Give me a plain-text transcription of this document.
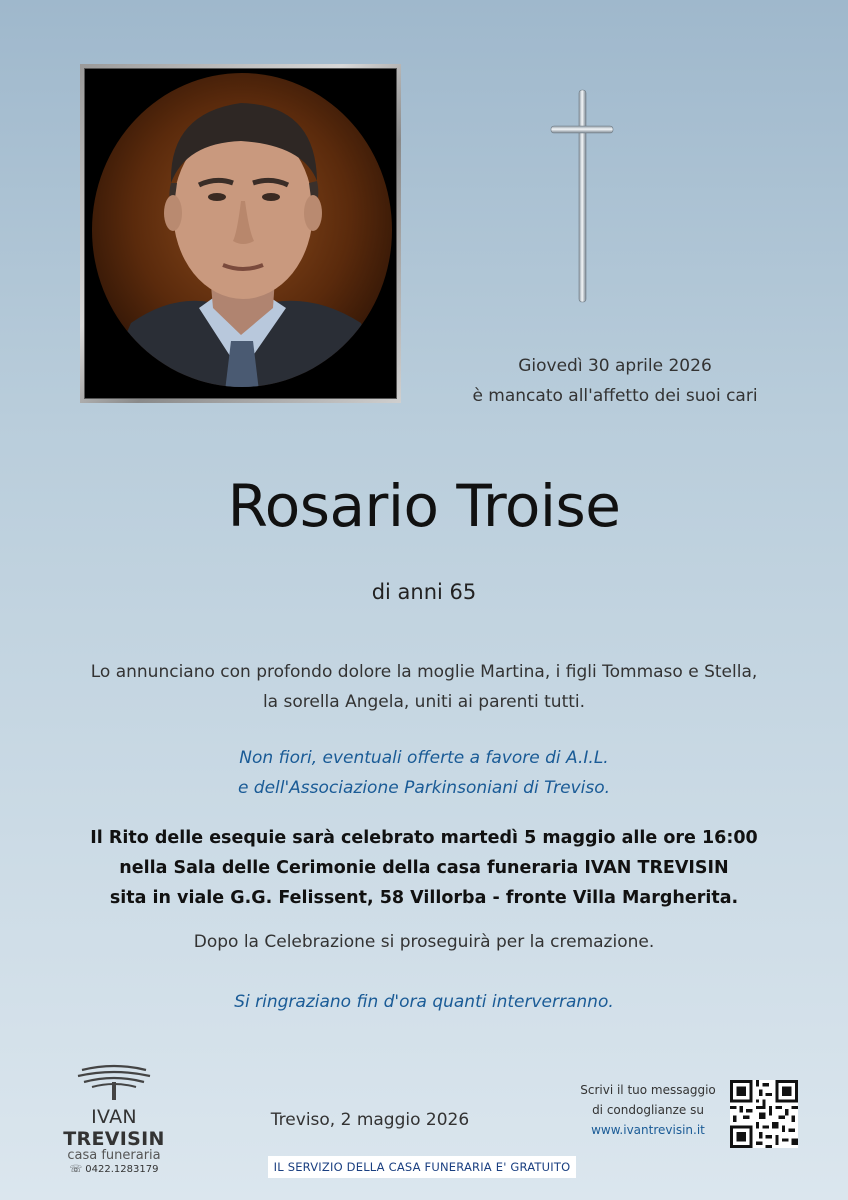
Giovedì 30 aprile 2026
è mancato all'affetto dei suoi cari
Rosario Troise
di anni 65
Lo annunciano con profondo dolore la moglie Martina, i figli Tommaso e Stella,
la sorella Angela, uniti ai parenti tutti.
Non fiori, eventuali offerte a favore di A.I.L.
e dell'Associazione Parkinsoniani di Treviso.
Il Rito delle esequie sarà celebrato martedì 5 maggio alle ore 16:00
nella Sala delle Cerimonie della casa funeraria IVAN TREVISIN
sita in viale G.G. Felissent, 58 Villorba - fronte Villa Margherita.
Dopo la Celebrazione si proseguirà per la cremazione.
Si ringraziano fin d'ora quanti interverranno.
IVAN TREVISIN
casa funeraria
☏ 0422.1283179
Treviso, 2 maggio 2026
IL SERVIZIO DELLA CASA FUNERARIA E' GRATUITO
Scrivi il tuo messaggio
di condoglianze su
www.ivantrevisin.it
